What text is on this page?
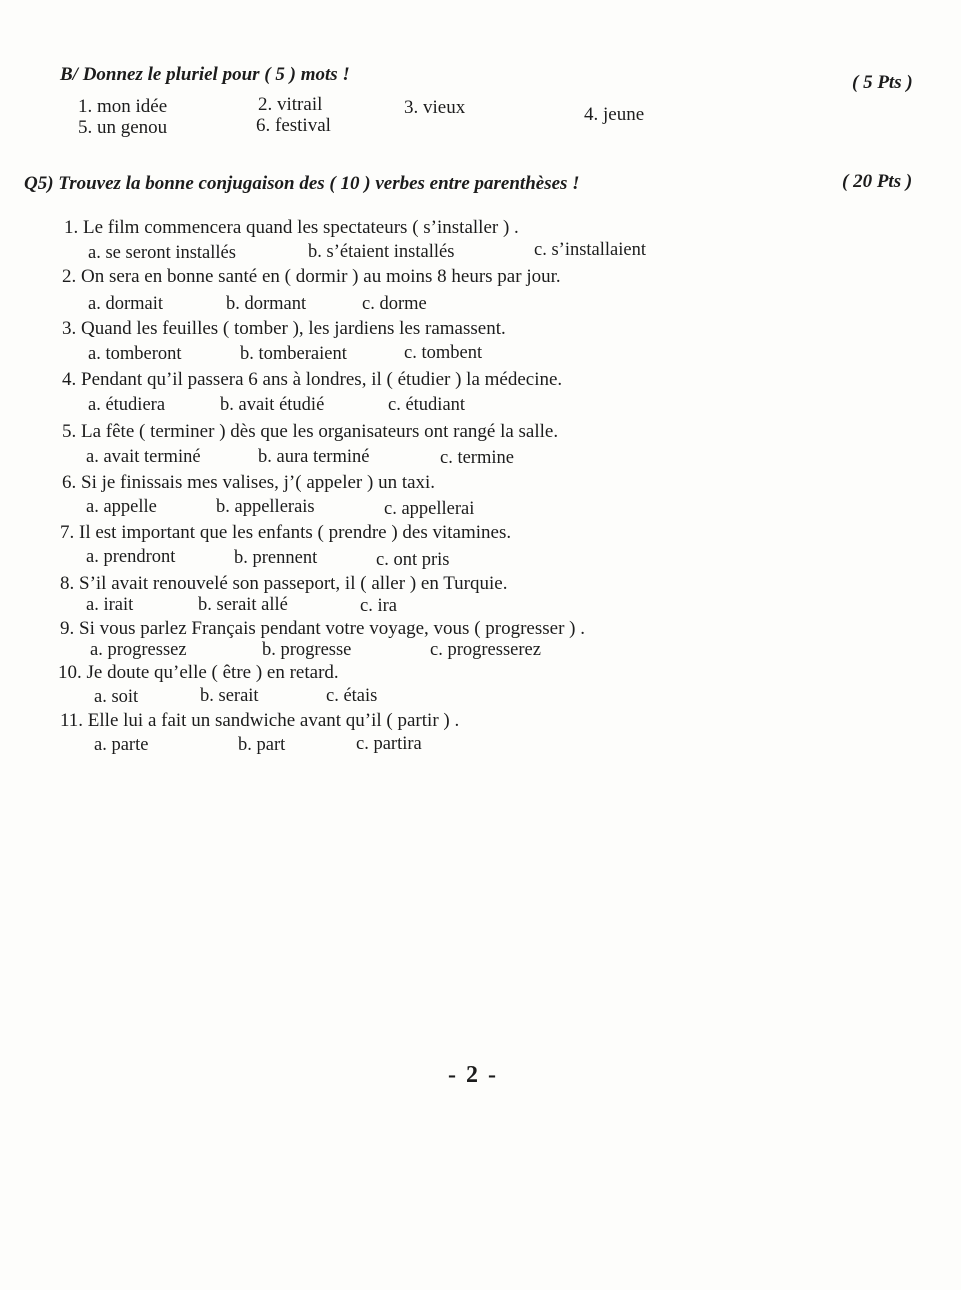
B/ Donnez le pluriel pour ( 5 ) mots !	( 5 Pts )
1. mon idée	2. vitrail	3. vieux	4. jeune
5. un genou	6. festival
Q5) Trouvez la bonne conjugaison des ( 10 ) verbes entre parenthèses !	( 20 Pts )
1. Le film commencera quand les spectateurs ( s’installer ) .
a. se seront installés	b. s’étaient installés	c. s’installaient
2. On sera en bonne santé en ( dormir ) au moins 8 heurs par jour.
a. dormait	b. dormant	c. dorme
3. Quand les feuilles ( tomber ), les jardiens les ramassent.
a. tomberont	b. tomberaient	c. tombent
4. Pendant qu’il passera 6 ans à londres, il ( étudier ) la médecine.
a. étudiera	b. avait étudié	c. étudiant
5. La fête ( terminer ) dès que les organisateurs ont rangé la salle.
a. avait terminé	b. aura terminé	c. termine
6. Si je finissais mes valises, j’( appeler ) un taxi.
a. appelle	b. appellerais	c. appellerai
7. Il est important que les enfants ( prendre ) des vitamines.
a. prendront	b. prennent	c. ont pris
8. S’il avait renouvelé son passeport, il ( aller ) en Turquie.
a. irait	b. serait allé	c. ira
9. Si vous parlez Français pendant votre voyage, vous ( progresser ) .
a. progressez	b. progresse	c. progresserez
10. Je doute qu’elle ( être ) en retard.
a. soit	b. serait	c. étais
11. Elle lui a fait un sandwiche avant qu’il ( partir ) .
a. parte	b. part	c. partira
- 2 -
